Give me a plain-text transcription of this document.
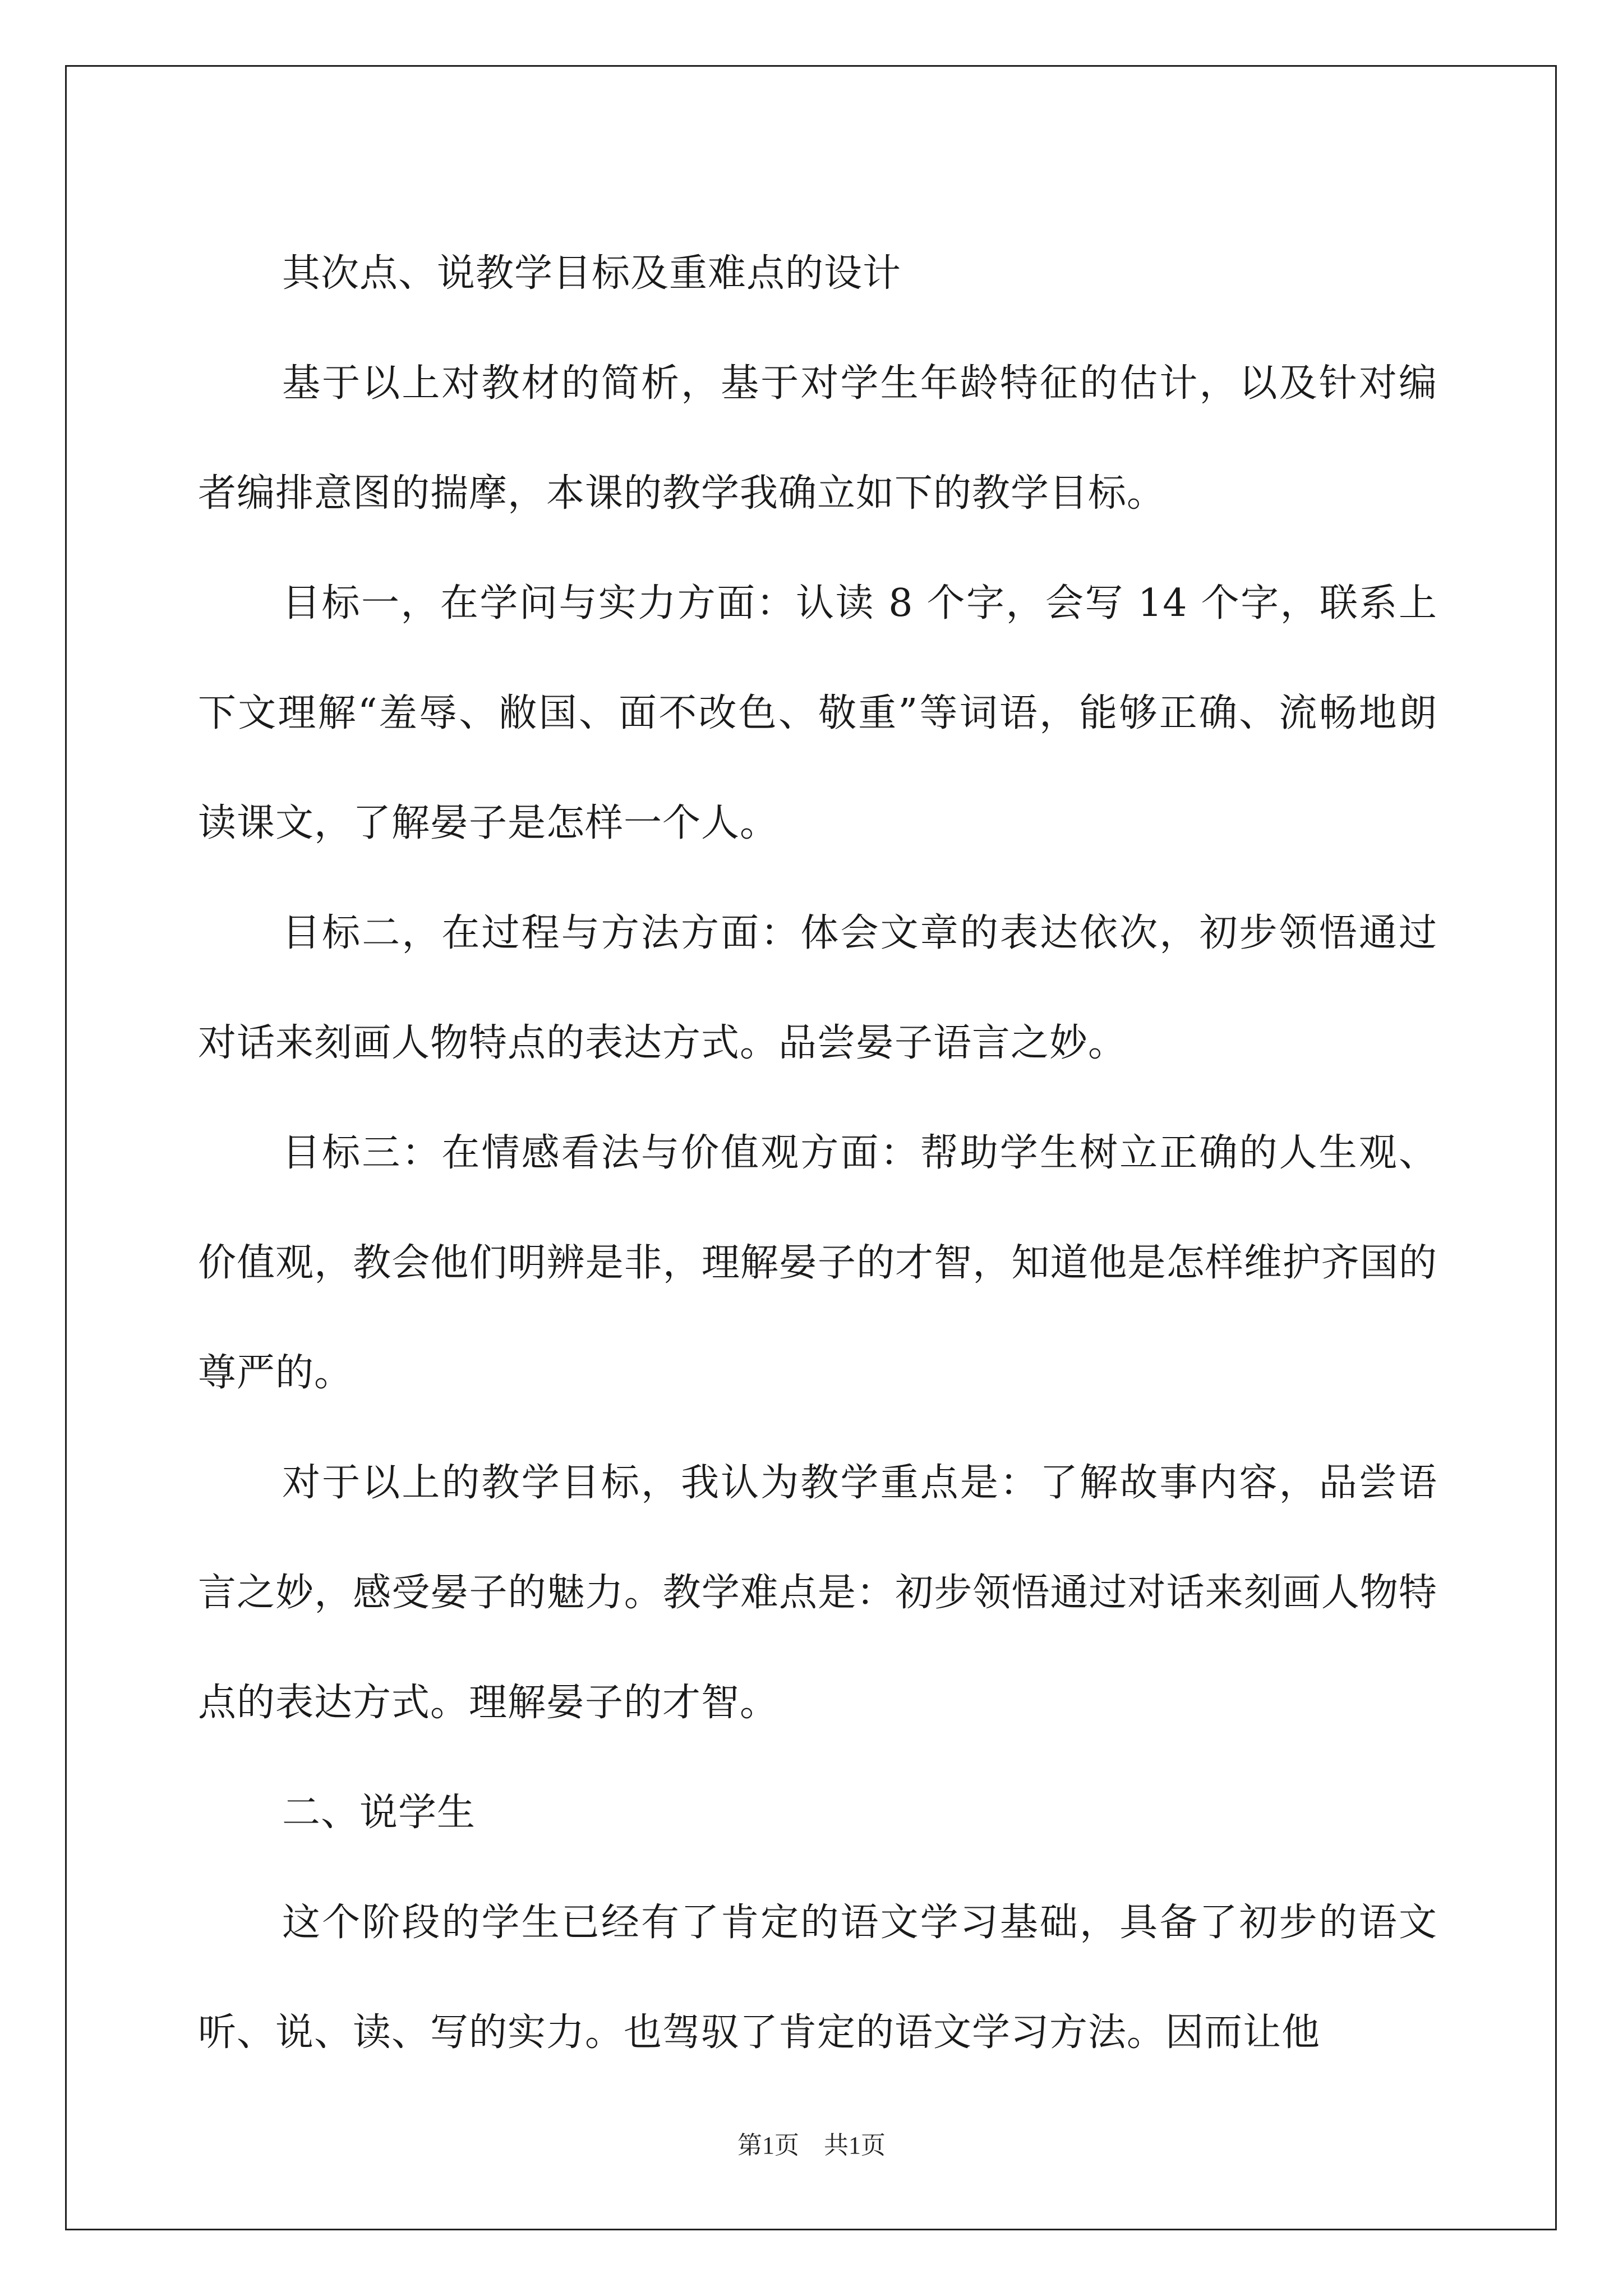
其次点、说教学目标及重难点的设计

基于以上对教材的简析，基于对学生年龄特征的估计，以及针对编者编排意图的揣摩，本课的教学我确立如下的教学目标。

目标一，在学问与实力方面：认读 8 个字，会写 14 个字，联系上下文理解“羞辱、敝国、面不改色、敬重”等词语，能够正确、流畅地朗读课文，了解晏子是怎样一个人。

目标二，在过程与方法方面：体会文章的表达依次，初步领悟通过对话来刻画人物特点的表达方式。品尝晏子语言之妙。

目标三：在情感看法与价值观方面：帮助学生树立正确的人生观、价值观，教会他们明辨是非，理解晏子的才智，知道他是怎样维护齐国的尊严的。

对于以上的教学目标，我认为教学重点是：了解故事内容，品尝语言之妙，感受晏子的魅力。教学难点是：初步领悟通过对话来刻画人物特点的表达方式。理解晏子的才智。

二、说学生

这个阶段的学生已经有了肯定的语文学习基础，具备了初步的语文听、说、读、写的实力。也驾驭了肯定的语文学习方法。因而让他

第1页 共1页
